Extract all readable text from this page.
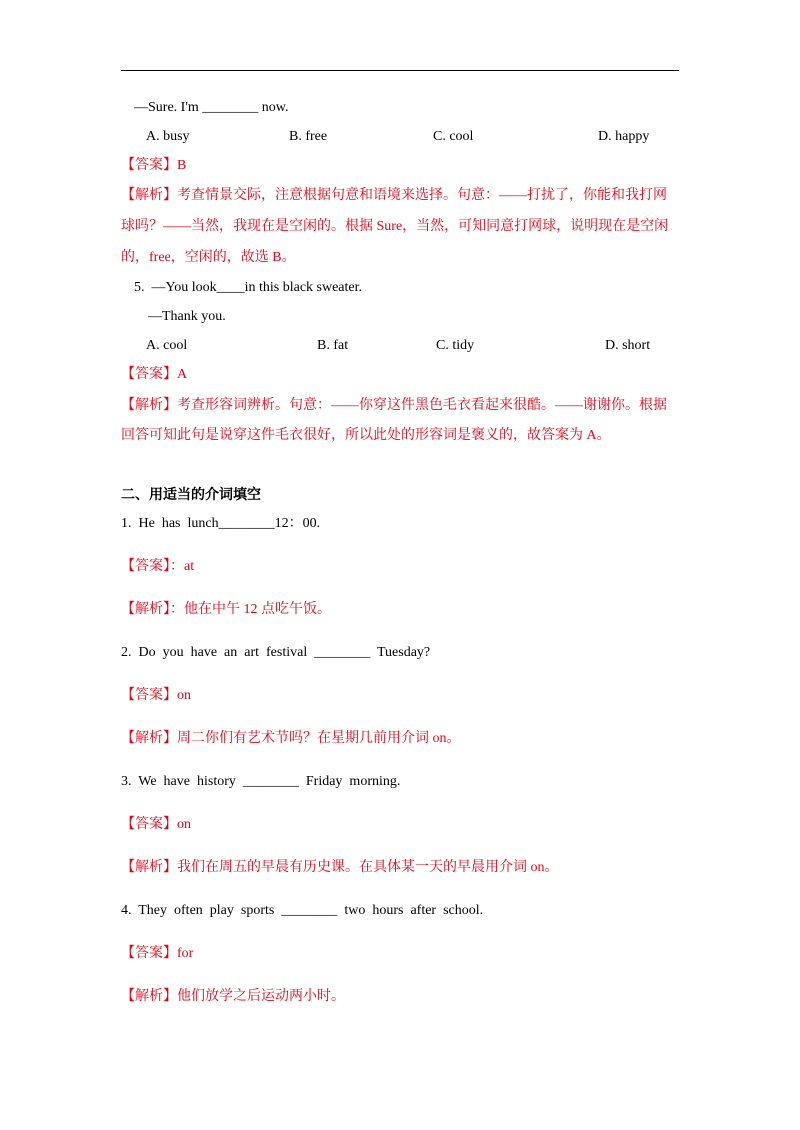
—Sure. I'm ________ now.
A. busy	B. free	C. cool	D. happy
【答案】B
【解析】考查情景交际，注意根据句意和语境来选择。句意：——打扰了，你能和我打网
球吗？——当然，我现在是空闲的。根据 Sure，当然，可知同意打网球，说明现在是空闲
的，free，空闲的，故选 B。
5.  —You look____in this black sweater.
—Thank you.
A. cool	B. fat	C. tidy	D. short
【答案】A
【解析】考查形容词辨析。句意：——你穿这件黑色毛衣看起来很酷。——谢谢你。根据
回答可知此句是说穿这件毛衣很好，所以此处的形容词是褒义的，故答案为 A。
二、用适当的介词填空
1.  He  has  lunch________12：00.
【答案】：at
【解析】：他在中午 12 点吃午饭。
2.  Do  you  have  an  art  festival  ________  Tuesday?
【答案】on
【解析】周二你们有艺术节吗？在星期几前用介词 on。
3.  We  have  history  ________  Friday  morning.
【答案】on
【解析】我们在周五的早晨有历史课。在具体某一天的早晨用介词 on。
4.  They  often  play  sports  ________  two  hours  after  school.
【答案】for
【解析】他们放学之后运动两小时。
